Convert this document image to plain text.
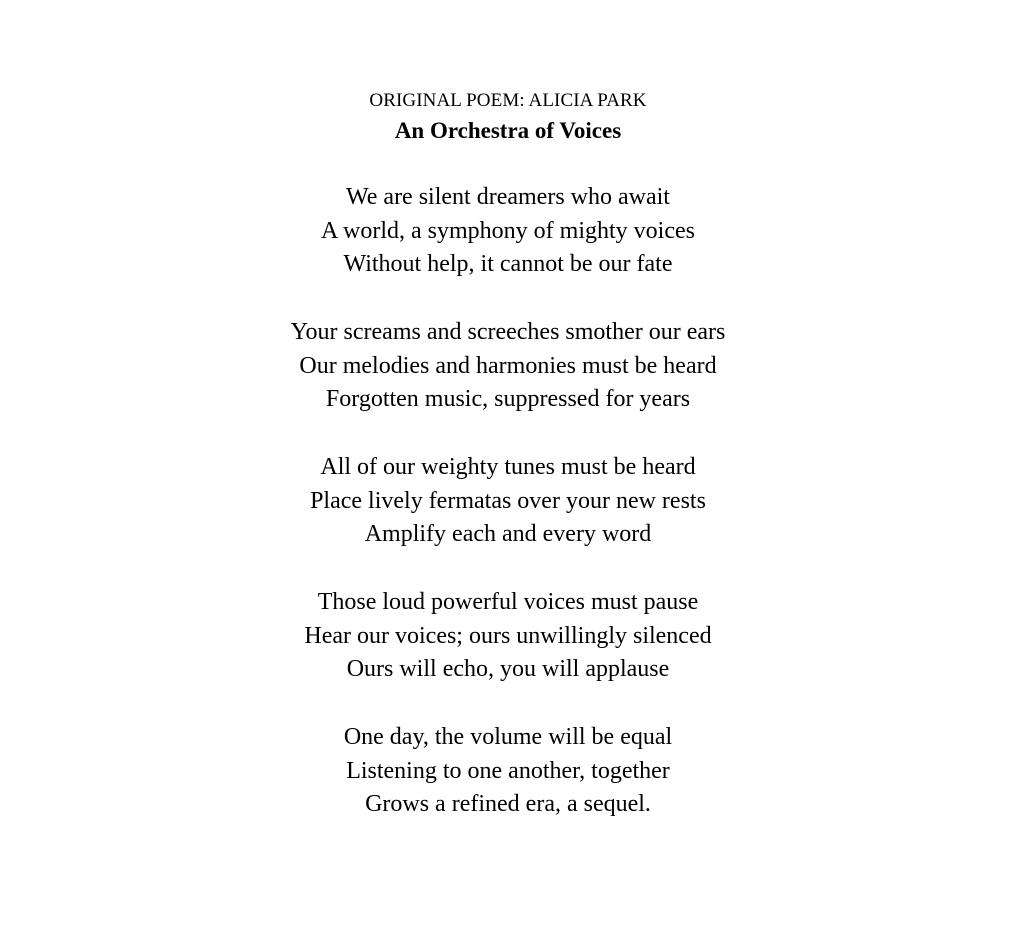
ORIGINAL POEM: ALICIA PARK
An Orchestra of Voices
We are silent dreamers who await
A world, a symphony of mighty voices
Without help, it cannot be our fate
Your screams and screeches smother our ears
Our melodies and harmonies must be heard
Forgotten music, suppressed for years
All of our weighty tunes must be heard
Place lively fermatas over your new rests
Amplify each and every word
Those loud powerful voices must pause
Hear our voices; ours unwillingly silenced
Ours will echo, you will applause
One day, the volume will be equal
Listening to one another, together
Grows a refined era, a sequel.
